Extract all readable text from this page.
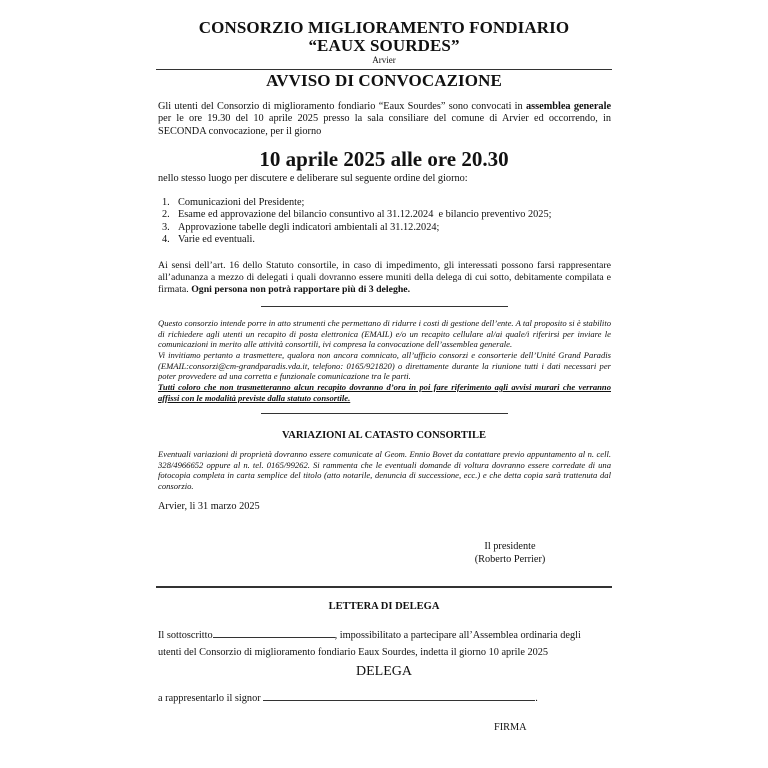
CONSORZIO MIGLIORAMENTO FONDIARIO
“EAUX SOURDES”
Arvier
AVVISO DI CONVOCAZIONE
Gli utenti del Consorzio di miglioramento fondiario “Eaux Sourdes” sono convocati in assemblea generale per le ore 19.30 del 10 aprile 2025 presso la sala consiliare del comune di Arvier ed occorrendo, in SECONDA convocazione, per il giorno
10 aprile 2025 alle ore 20.30
nello stesso luogo per discutere e deliberare sul seguente ordine del giorno:
1. Comunicazioni del Presidente;
2. Esame ed approvazione del bilancio consuntivo al 31.12.2024  e bilancio preventivo 2025;
3. Approvazione tabelle degli indicatori ambientali al 31.12.2024;
4. Varie ed eventuali.
Ai sensi dell’art. 16 dello Statuto consortile, in caso di impedimento, gli interessati possono farsi rappresentare all’adunanza a mezzo di delegati i quali dovranno essere muniti della delega di cui sotto, debitamente compilata e firmata. Ogni persona non potrà rapportare più di 3 deleghe.
Questo consorzio intende porre in atto strumenti che permettano di ridurre i costi di gestione dell’ente. A tal proposito si è stabilito di richiedere agli utenti un recapito di posta elettronica (EMAIL) e/o un recapito cellulare al/ai quale/i riferirsi per inviare le comunicazioni in merito alle attività consortili, ivi compresa la convocazione dell’assemblea generale.
Vi invitiamo pertanto a trasmettere, qualora non ancora comnicato, all’ufficio consorzi e consorterie dell’Unité Grand Paradis (EMAIL:consorzi@cm-grandparadis.vda.it, telefono: 0165/921820) o direttamente durante la riunione tutti i dati necessari per poter provvedere ad una corretta e funzionale comunicazione tra le parti.
Tutti coloro che non trasmetteranno alcun recapito dovranno d’ora in poi fare riferimento agli avvisi murari che verranno affissi con le modalità previste dalla statuto consortile.
VARIAZIONI AL CATASTO CONSORTILE
Eventuali variazioni di proprietà dovranno essere comunicate al Geom. Ennio Bovet da contattare previo appuntamento al n. cell. 328/4966652 oppure al n. tel. 0165/99262. Si rammenta che le eventuali domande di voltura dovranno essere corredate di una fotocopia completa in carta semplice del titolo (atto notarile, denuncia di successione, ecc.) e che detta copia sarà trattenuta dal consorzio.
Arvier, li 31 marzo 2025
Il presidente
(Roberto Perrier)
LETTERA DI DELEGA
Il sottoscritto	, impossibilitato a partecipare all’Assemblea ordinaria degli
utenti del Consorzio di miglioramento fondiario Eaux Sourdes, indetta il giorno 10 aprile 2025
DELEGA
a rappresentarlo il signor	.
FIRMA
